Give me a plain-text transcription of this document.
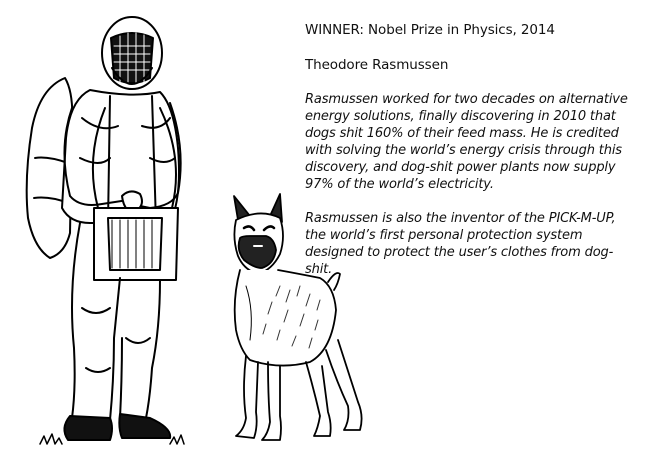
WINNER: Nobel Prize in Physics, 2014

Theodore Rasmussen

Rasmussen worked for two decades on alternative energy solutions, finally discovering in 2010 that dogs shit 160% of their feed mass. He is credited with solving the world’s energy crisis through this discovery, and dog-shit power plants now supply 97% of the world’s electricity.

Rasmussen is also the inventor of the PICK-M-UP, the world’s first personal protection system designed to protect the user’s clothes from dog-shit.
